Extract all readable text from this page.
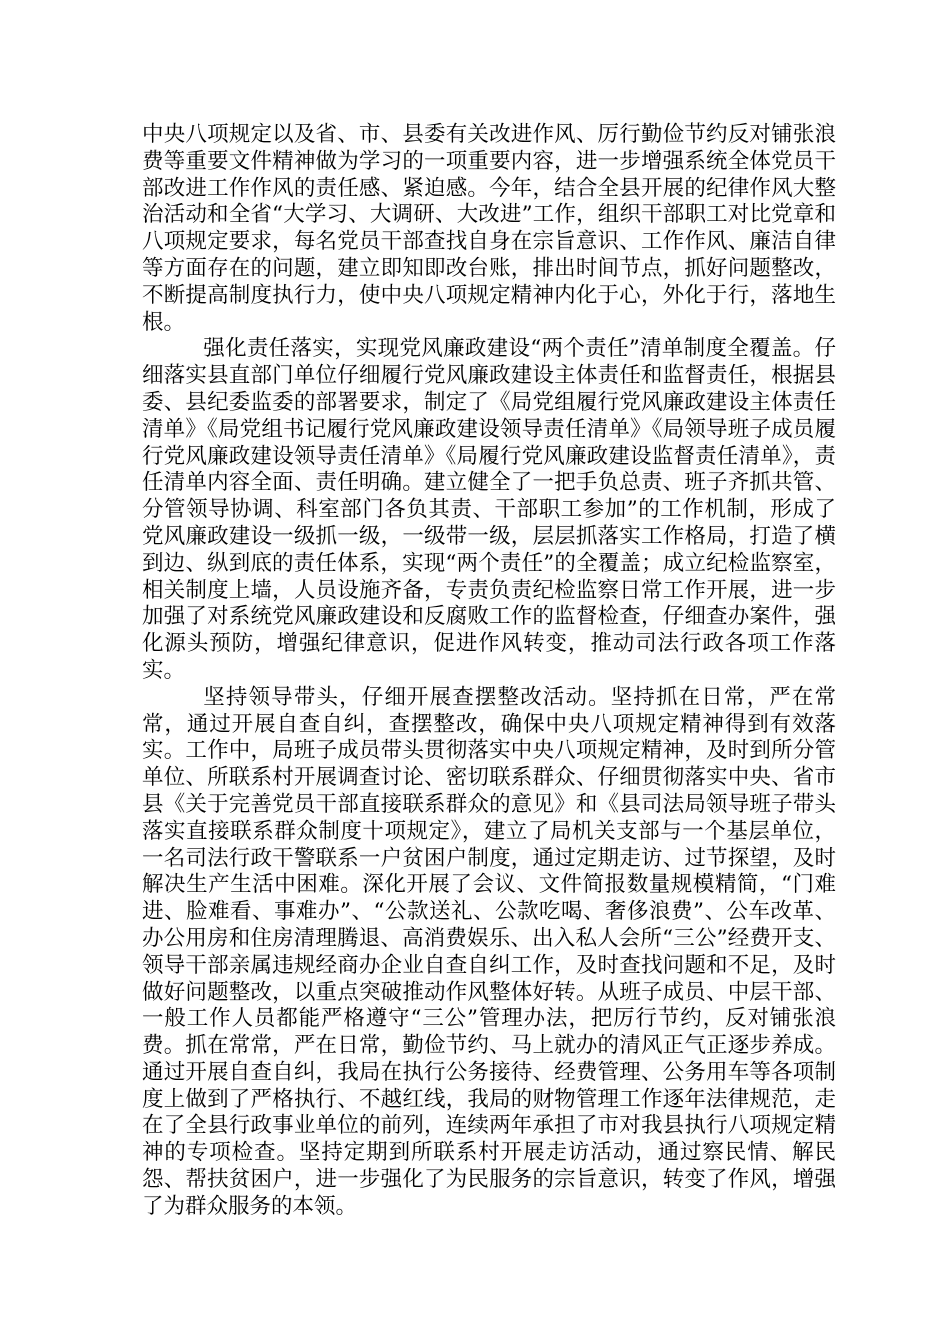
中央八项规定以及省、市、县委有关改进作风、厉行勤俭节约反对铺张浪费等重要文件精神做为学习的一项重要内容，进一步增强系统全体党员干部改进工作作风的责任感、紧迫感。今年，结合全县开展的纪律作风大整治活动和全省“大学习、大调研、大改进”工作，组织干部职工对比党章和八项规定要求，每名党员干部查找自身在宗旨意识、工作作风、廉洁自律等方面存在的问题，建立即知即改台账，排出时间节点，抓好问题整改，不断提高制度执行力，使中央八项规定精神内化于心，外化于行，落地生根。

强化责任落实，实现党风廉政建设“两个责任”清单制度全覆盖。仔细落实县直部门单位仔细履行党风廉政建设主体责任和监督责任，根据县委、县纪委监委的部署要求，制定了《局党组履行党风廉政建设主体责任清单》《局党组书记履行党风廉政建设领导责任清单》《局领导班子成员履行党风廉政建设领导责任清单》《局履行党风廉政建设监督责任清单》，责任清单内容全面、责任明确。建立健全了一把手负总责、班子齐抓共管、分管领导协调、科室部门各负其责、干部职工参加”的工作机制，形成了党风廉政建设一级抓一级，一级带一级，层层抓落实工作格局，打造了横到边、纵到底的责任体系，实现“两个责任”的全覆盖；成立纪检监察室，相关制度上墙，人员设施齐备，专责负责纪检监察日常工作开展，进一步加强了对系统党风廉政建设和反腐败工作的监督检查，仔细查办案件，强化源头预防，增强纪律意识，促进作风转变，推动司法行政各项工作落实。

坚持领导带头，仔细开展查摆整改活动。坚持抓在日常，严在常常，通过开展自查自纠，查摆整改，确保中央八项规定精神得到有效落实。工作中，局班子成员带头贯彻落实中央八项规定精神，及时到所分管单位、所联系村开展调查讨论、密切联系群众、仔细贯彻落实中央、省市县《关于完善党员干部直接联系群众的意见》和《县司法局领导班子带头落实直接联系群众制度十项规定》，建立了局机关支部与一个基层单位，一名司法行政干警联系一户贫困户制度，通过定期走访、过节探望，及时解决生产生活中困难。深化开展了会议、文件简报数量规模精简，“门难进、脸难看、事难办”、“公款送礼、公款吃喝、奢侈浪费”、公车改革、办公用房和住房清理腾退、高消费娱乐、出入私人会所“三公”经费开支、领导干部亲属违规经商办企业自查自纠工作，及时查找问题和不足，及时做好问题整改，以重点突破推动作风整体好转。从班子成员、中层干部、一般工作人员都能严格遵守“三公”管理办法，把厉行节约，反对铺张浪费。抓在常常，严在日常，勤俭节约、马上就办的清风正气正逐步养成。通过开展自查自纠，我局在执行公务接待、经费管理、公务用车等各项制度上做到了严格执行、不越红线，我局的财物管理工作逐年法律规范，走在了全县行政事业单位的前列，连续两年承担了市对我县执行八项规定精神的专项检查。坚持定期到所联系村开展走访活动，通过察民情、解民怨、帮扶贫困户，进一步强化了为民服务的宗旨意识，转变了作风，增强了为群众服务的本领。
